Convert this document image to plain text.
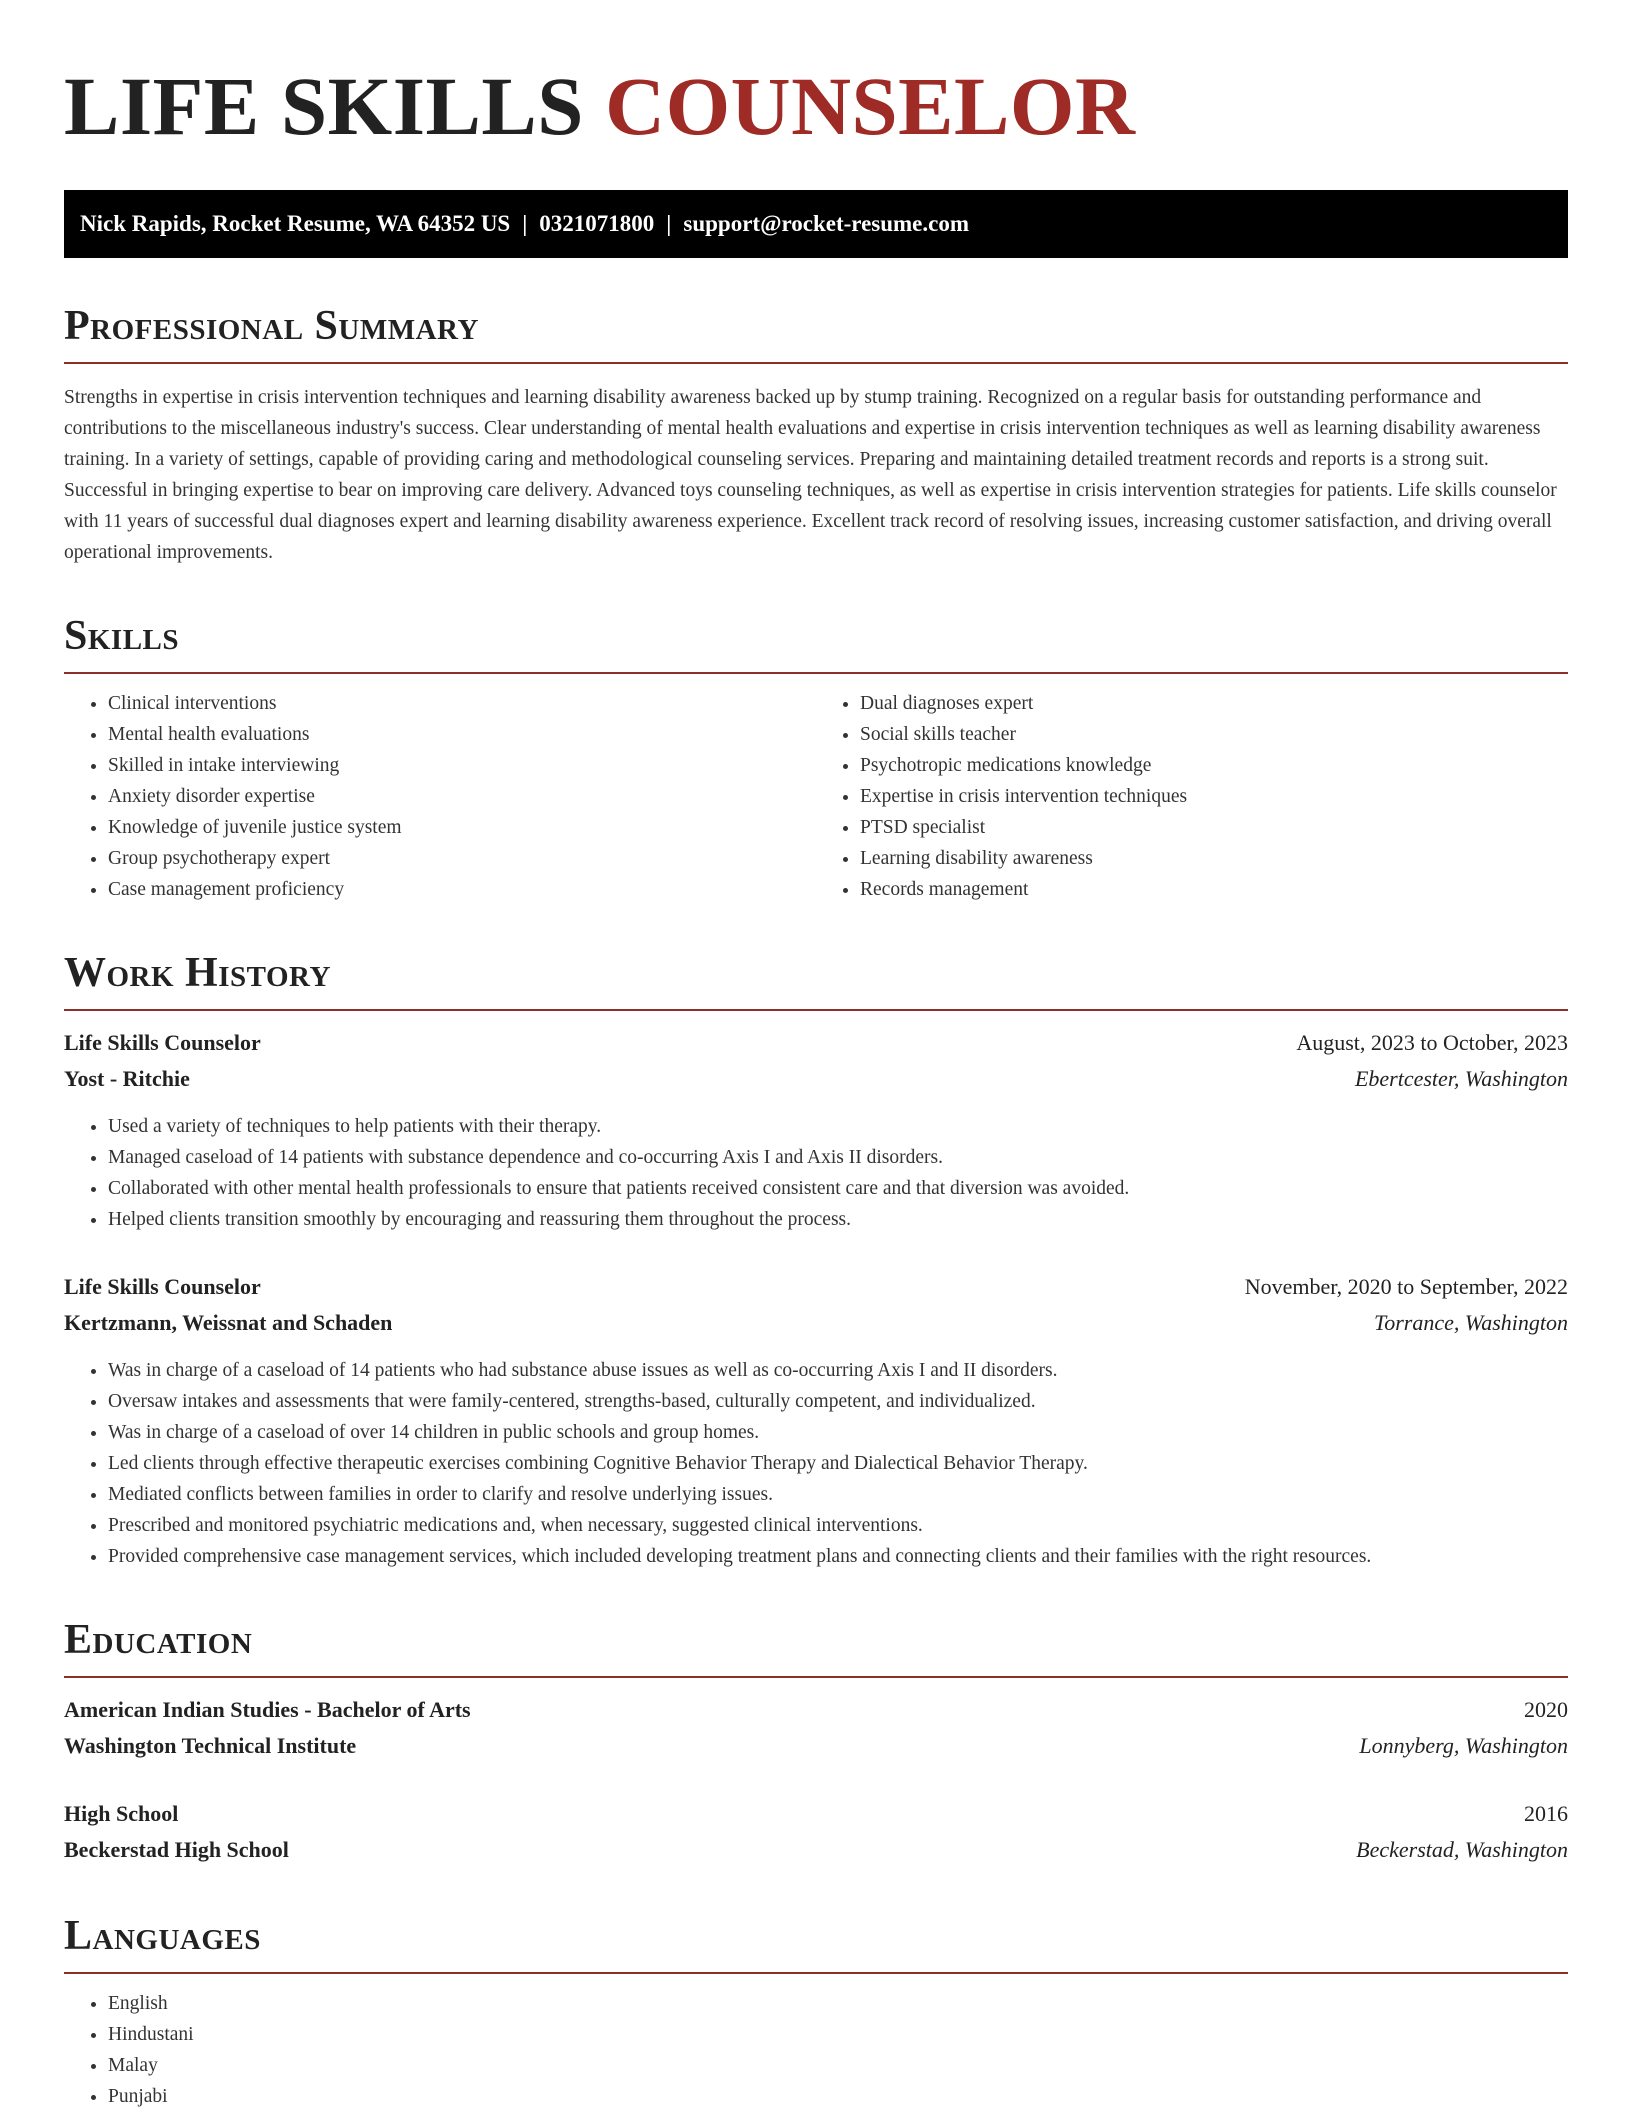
LIFE SKILLS COUNSELOR
Nick Rapids, Rocket Resume, WA 64352 US | 0321071800 | support@rocket-resume.com
Professional Summary

Strengths in expertise in crisis intervention techniques and learning disability awareness backed up by stump training. Recognized on a regular basis for outstanding performance and contributions to the miscellaneous industry's success. Clear understanding of mental health evaluations and expertise in crisis intervention techniques as well as learning disability awareness training. In a variety of settings, capable of providing caring and methodological counseling services. Preparing and maintaining detailed treatment records and reports is a strong suit. Successful in bringing expertise to bear on improving care delivery. Advanced toys counseling techniques, as well as expertise in crisis intervention strategies for patients. Life skills counselor with 11 years of successful dual diagnoses expert and learning disability awareness experience. Excellent track record of resolving issues, increasing customer satisfaction, and driving overall operational improvements.

Skills
• Clinical interventions
• Mental health evaluations
• Skilled in intake interviewing
• Anxiety disorder expertise
• Knowledge of juvenile justice system
• Group psychotherapy expert
• Case management proficiency
• Dual diagnoses expert
• Social skills teacher
• Psychotropic medications knowledge
• Expertise in crisis intervention techniques
• PTSD specialist
• Learning disability awareness
• Records management
Work History
Life Skills Counselor	August, 2023 to October, 2023
Yost - Ritchie	Ebertcester, Washington
• Used a variety of techniques to help patients with their therapy.
• Managed caseload of 14 patients with substance dependence and co-occurring Axis I and Axis II disorders.
• Collaborated with other mental health professionals to ensure that patients received consistent care and that diversion was avoided.
• Helped clients transition smoothly by encouraging and reassuring them throughout the process.
Life Skills Counselor	November, 2020 to September, 2022
Kertzmann, Weissnat and Schaden	Torrance, Washington
• Was in charge of a caseload of 14 patients who had substance abuse issues as well as co-occurring Axis I and II disorders.
• Oversaw intakes and assessments that were family-centered, strengths-based, culturally competent, and individualized.
• Was in charge of a caseload of over 14 children in public schools and group homes.
• Led clients through effective therapeutic exercises combining Cognitive Behavior Therapy and Dialectical Behavior Therapy.
• Mediated conflicts between families in order to clarify and resolve underlying issues.
• Prescribed and monitored psychiatric medications and, when necessary, suggested clinical interventions.
• Provided comprehensive case management services, which included developing treatment plans and connecting clients and their families with the right resources.
Education
American Indian Studies - Bachelor of Arts	2020
Washington Technical Institute	Lonnyberg, Washington
High School	2016
Beckerstad High School	Beckerstad, Washington
Languages
• English
• Hindustani
• Malay
• Punjabi
